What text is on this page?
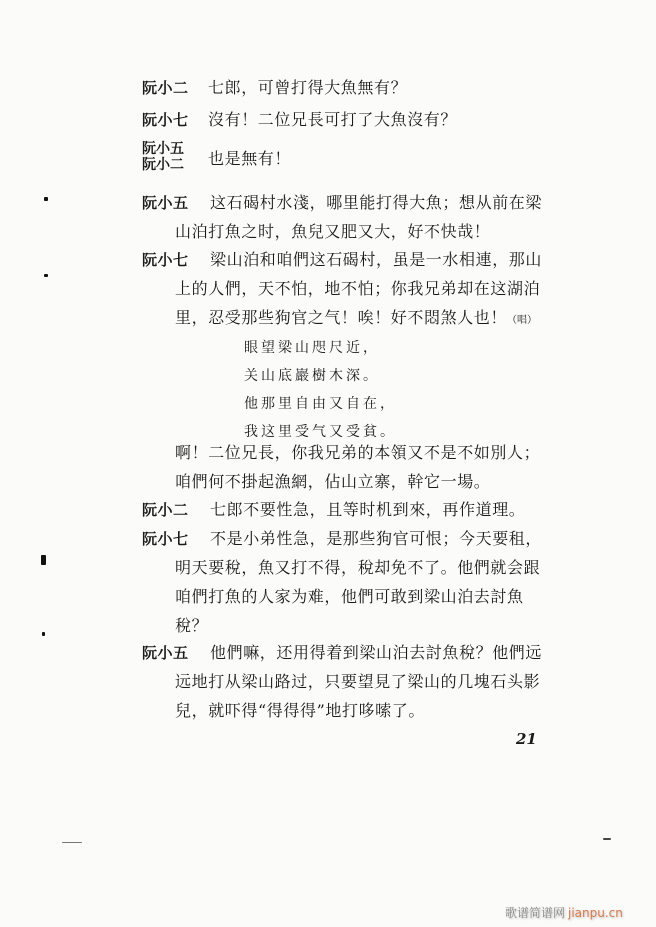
阮小二 七郎，可曾打得大魚無有？
阮小七 沒有！二位兄長可打了大魚沒有？
阮小五
阮小二 也是無有！
阮小五 这石碣村水淺，哪里能打得大魚；想从前在梁
山泊打魚之时，魚兒又肥又大，好不快哉！
阮小七 梁山泊和咱們这石碣村，虽是一水相連，那山
上的人們，天不怕，地不怕；你我兄弟却在这湖泊
里，忍受那些狗官之气！唉！好不悶煞人也！（唱）
眼望梁山咫尺近，
关山底巖樹木深。
他那里自由又自在，
我这里受气又受貧。
啊！二位兄長，你我兄弟的本領又不是不如別人；
咱們何不掛起漁網，佔山立寨，幹它一場。
阮小二 七郎不要性急，且等时机到來，再作道理。
阮小七 不是小弟性急，是那些狗官可恨；今天要租，
明天要稅，魚又打不得，稅却免不了。他們就会跟
咱們打魚的人家为难，他們可敢到梁山泊去討魚
稅？
阮小五 他們嘛，还用得着到梁山泊去討魚稅？他們远
远地打从梁山路过，只要望見了梁山的几塊石头影
兒，就吓得“得得得”地打哆嗦了。
21
歌谱简谱网 jianpu.cn
